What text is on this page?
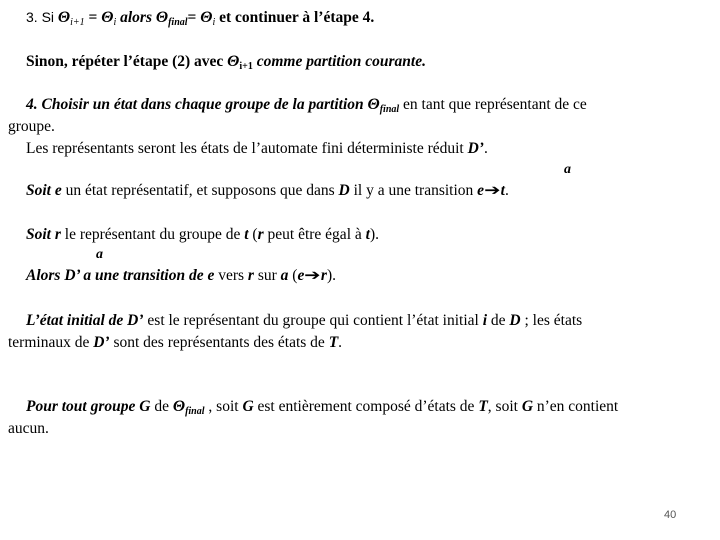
3. Si $\Theta_{i+1} = \Theta_i$ alors $\Theta_{final}= \Theta_i$ et continuer à l’étape 4.
Sinon, répéter l’étape (2) avec $\Theta_{i+1}$ comme partition courante.
4. Choisir un état dans chaque groupe de la partition $\Theta_{final}$ en tant que représentant de ce
groupe.
Les représentants seront les états de l’automate fini déterministe réduit D’.
a
Soit e un état représentatif, et supposons que dans D il y a une transition e➔t.
Soit r le représentant du groupe de t (r peut être égal à t).
a
Alors D’ a une transition de e vers r sur a (e➔r).
L’état initial de D’ est le représentant du groupe qui contient l’état initial i de D ; les états
terminaux de D’ sont des représentants des états de T.
Pour tout groupe G de $\Theta_{final}$ , soit G est entièrement composé d’états de T, soit G n’en contient
aucun.
40
